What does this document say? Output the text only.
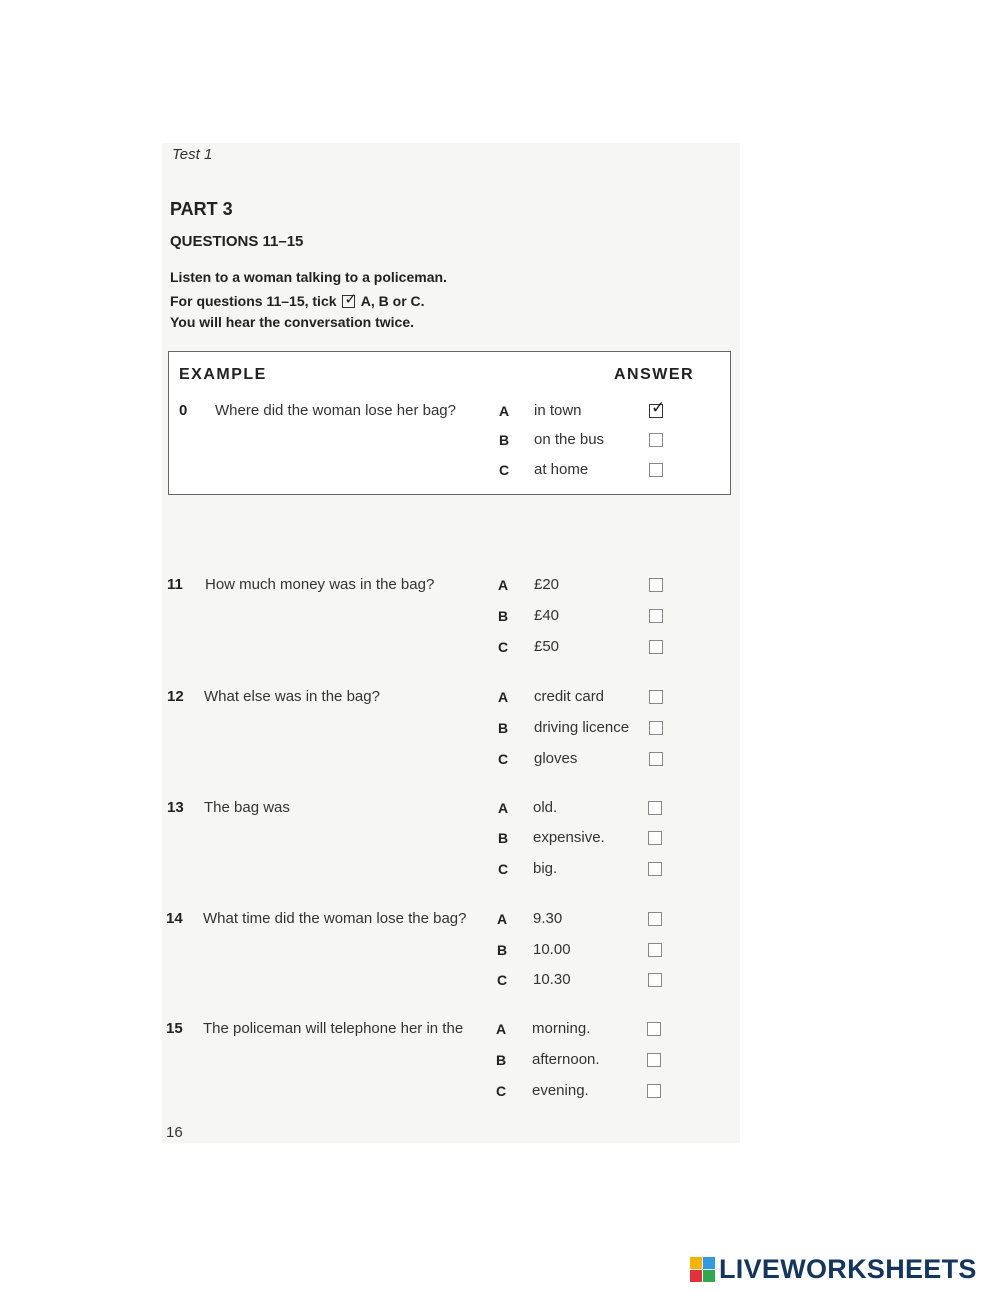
Test 1
PART 3
QUESTIONS 11–15
Listen to a woman talking to a policeman.
For questions 11–15, tick ✓ A, B or C.
You will hear the conversation twice.
EXAMPLE	ANSWER
0 Where did the woman lose her bag?	A in town
✓
B on the bus
C at home
11 How much money was in the bag?	A £20
B £40
C £50
12 What else was in the bag?	A credit card
B driving licence
C gloves
13 The bag was	A old.
B expensive.
C big.
14 What time did the woman lose the bag? A 9.30
B 10.00
C 10.30
15 The policeman will telephone her in the A morning.
B afternoon.
C evening.
16
LIVEWORKSHEETS
